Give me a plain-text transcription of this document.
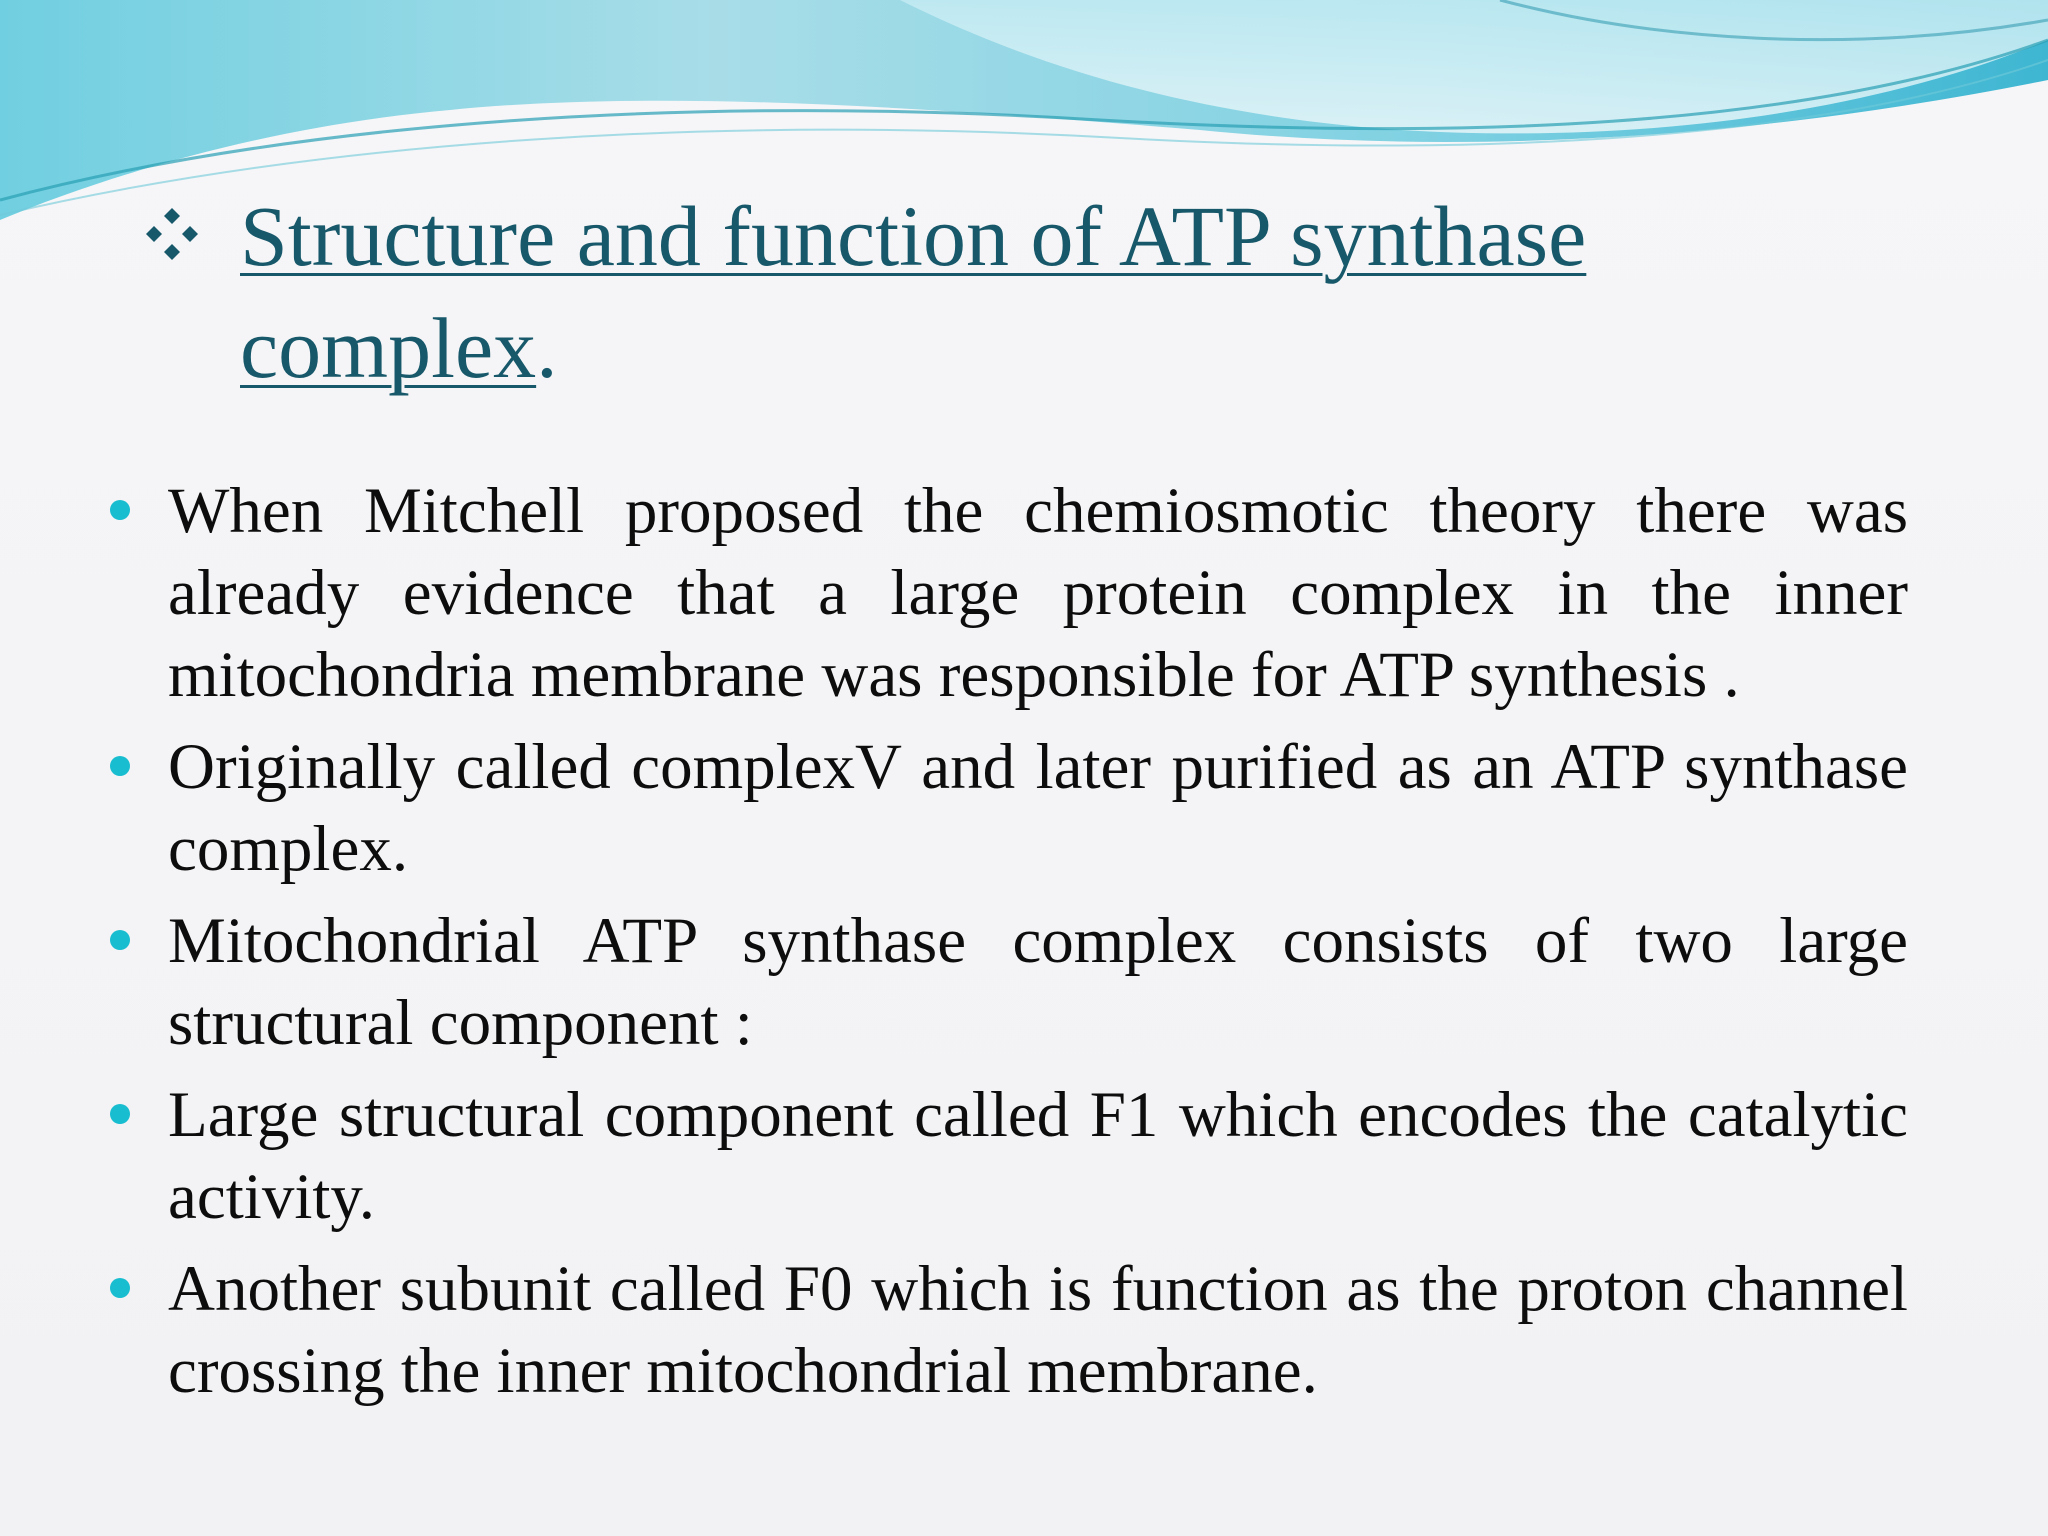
Structure and function of ATP synthase complex.
When Mitchell proposed the chemiosmotic theory there was already evidence that a large protein complex in the inner mitochondria membrane was responsible for ATP synthesis .
Originally called complexV and later purified as an ATP synthase complex.
Mitochondrial ATP synthase complex consists of two large structural component :
Large structural component called F1 which encodes the catalytic activity.
Another subunit called F0 which is function as the proton channel crossing the inner mitochondrial membrane.
